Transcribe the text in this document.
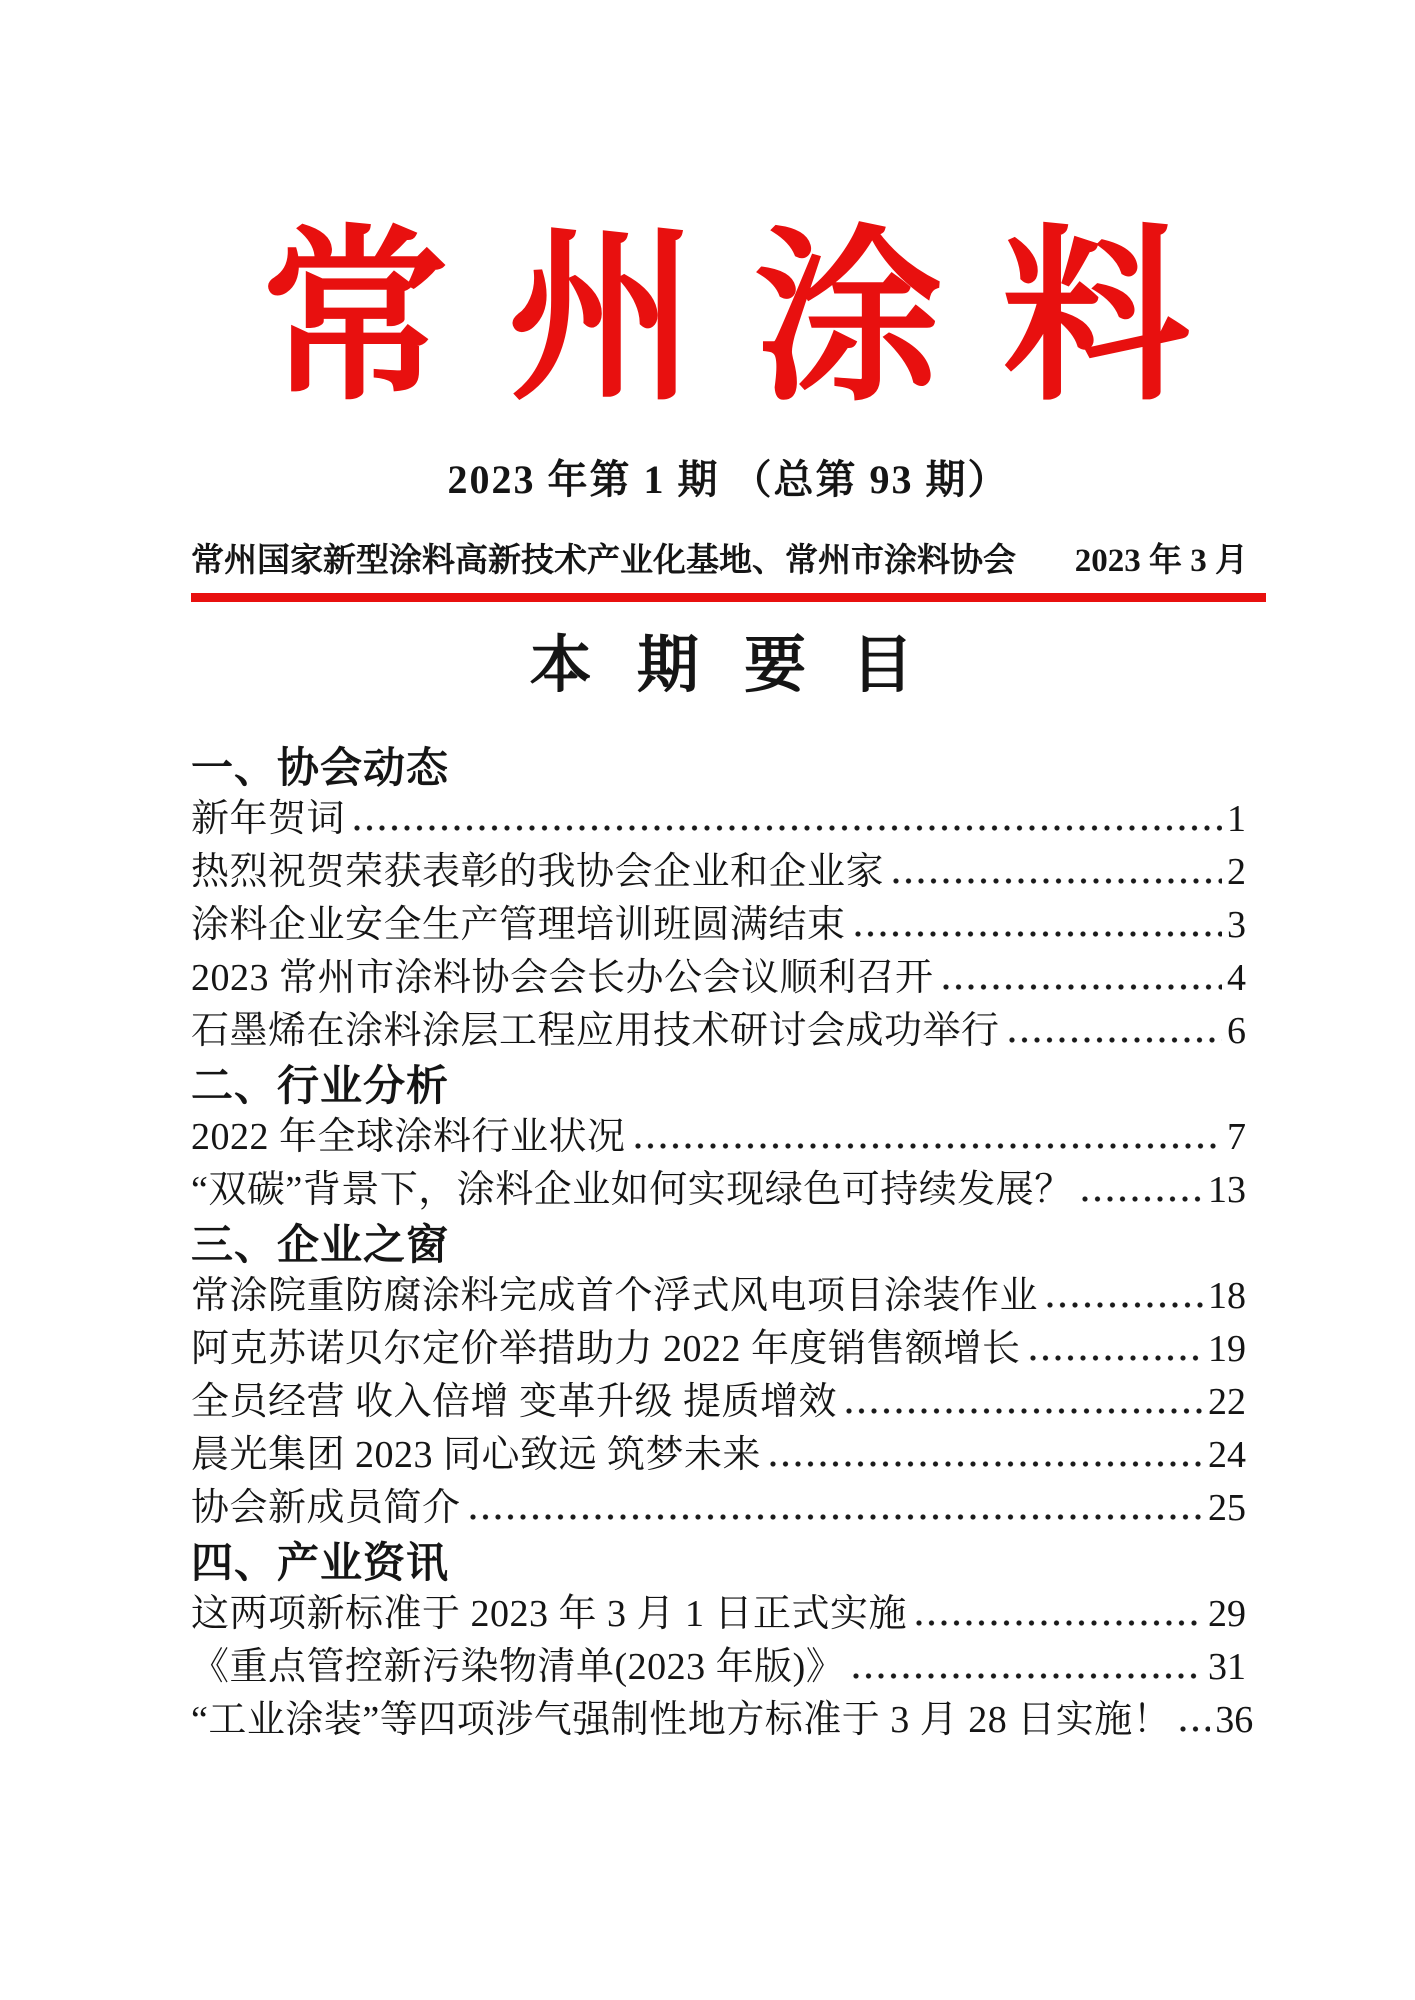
常 州 涂 料
2023 年第 1 期 （总第 93 期）
常州国家新型涂料高新技术产业化基地、常州市涂料协会 2023 年 3 月
本 期 要 目
一、协会动态
新年贺词	1
热烈祝贺荣获表彰的我协会企业和企业家	2
涂料企业安全生产管理培训班圆满结束	3
2023 常州市涂料协会会长办公会议顺利召开	4
石墨烯在涂料涂层工程应用技术研讨会成功举行	6
二、行业分析
2022 年全球涂料行业状况	7
“双碳”背景下，涂料企业如何实现绿色可持续发展？	13
三、企业之窗
常涂院重防腐涂料完成首个浮式风电项目涂装作业	18
阿克苏诺贝尔定价举措助力 2022 年度销售额增长	19
全员经营 收入倍增 变革升级 提质增效	22
晨光集团 2023 同心致远 筑梦未来	24
协会新成员简介	25
四、产业资讯
这两项新标准于 2023 年 3 月 1 日正式实施	29
《重点管控新污染物清单(2023 年版)》	31
“工业涂装”等四项涉气强制性地方标准于 3 月 28 日实施！ 36
